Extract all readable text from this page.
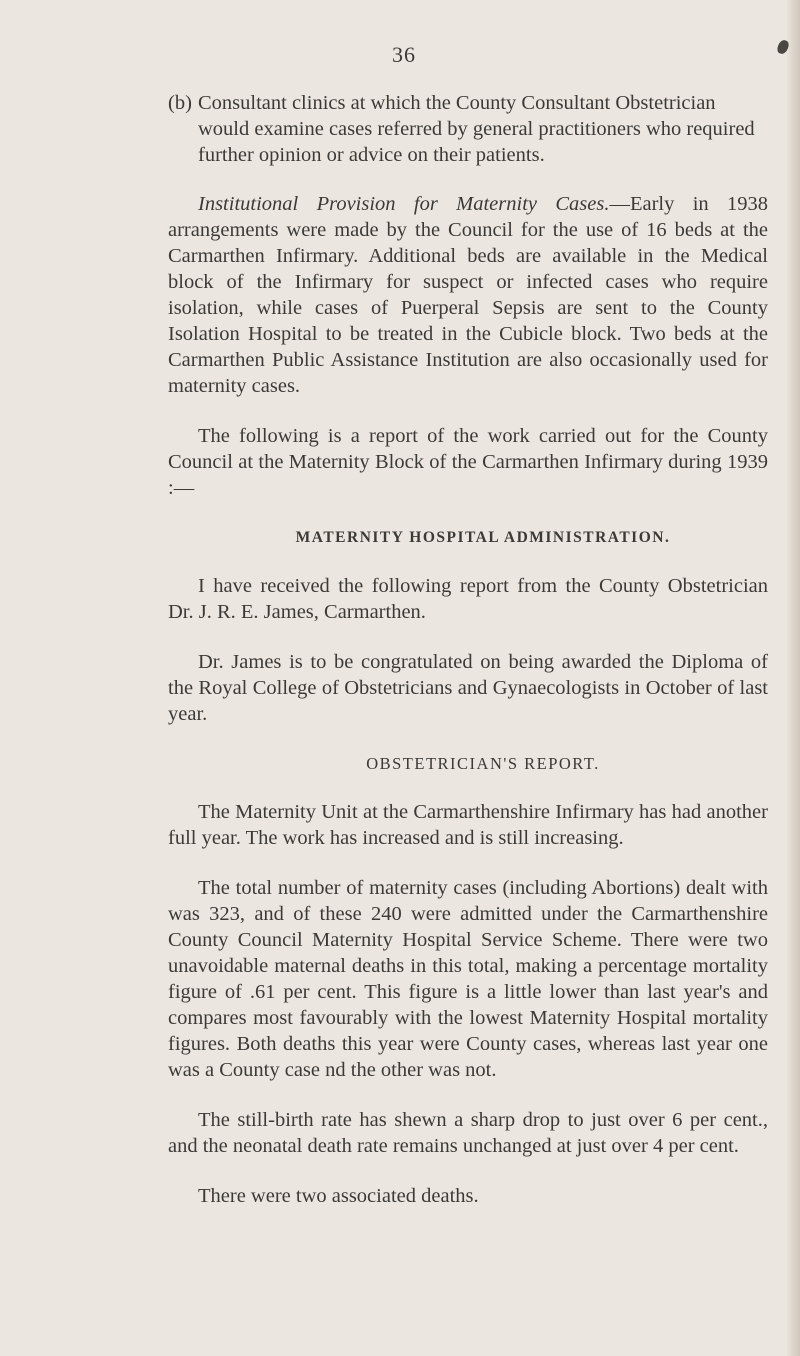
36
(b) Consultant clinics at which the County Consultant Obstetrician would examine cases referred by general practitioners who required further opinion or advice on their patients.

Institutional Provision for Maternity Cases.—Early in 1938 arrangements were made by the Council for the use of 16 beds at the Carmarthen Infirmary. Additional beds are available in the Medical block of the Infirmary for suspect or infected cases who require isolation, while cases of Puerperal Sepsis are sent to the County Isolation Hospital to be treated in the Cubicle block. Two beds at the Carmarthen Public Assistance Institution are also occasionally used for maternity cases.

The following is a report of the work carried out for the County Council at the Maternity Block of the Carmarthen Infirmary during 1939 :—

MATERNITY HOSPITAL ADMINISTRATION.

I have received the following report from the County Obstetrician Dr. J. R. E. James, Carmarthen.

Dr. James is to be congratulated on being awarded the Diploma of the Royal College of Obstetricians and Gynaecologists in October of last year.

OBSTETRICIAN'S REPORT.

The Maternity Unit at the Carmarthenshire Infirmary has had another full year. The work has increased and is still increasing.

The total number of maternity cases (including Abortions) dealt with was 323, and of these 240 were admitted under the Carmarthenshire County Council Maternity Hospital Service Scheme. There were two unavoidable maternal deaths in this total, making a percentage mortality figure of .61 per cent. This figure is a little lower than last year's and compares most favourably with the lowest Maternity Hospital mortality figures. Both deaths this year were County cases, whereas last year one was a County case nd the other was not.

The still-birth rate has shewn a sharp drop to just over 6 per cent., and the neonatal death rate remains unchanged at just over 4 per cent.

There were two associated deaths.
